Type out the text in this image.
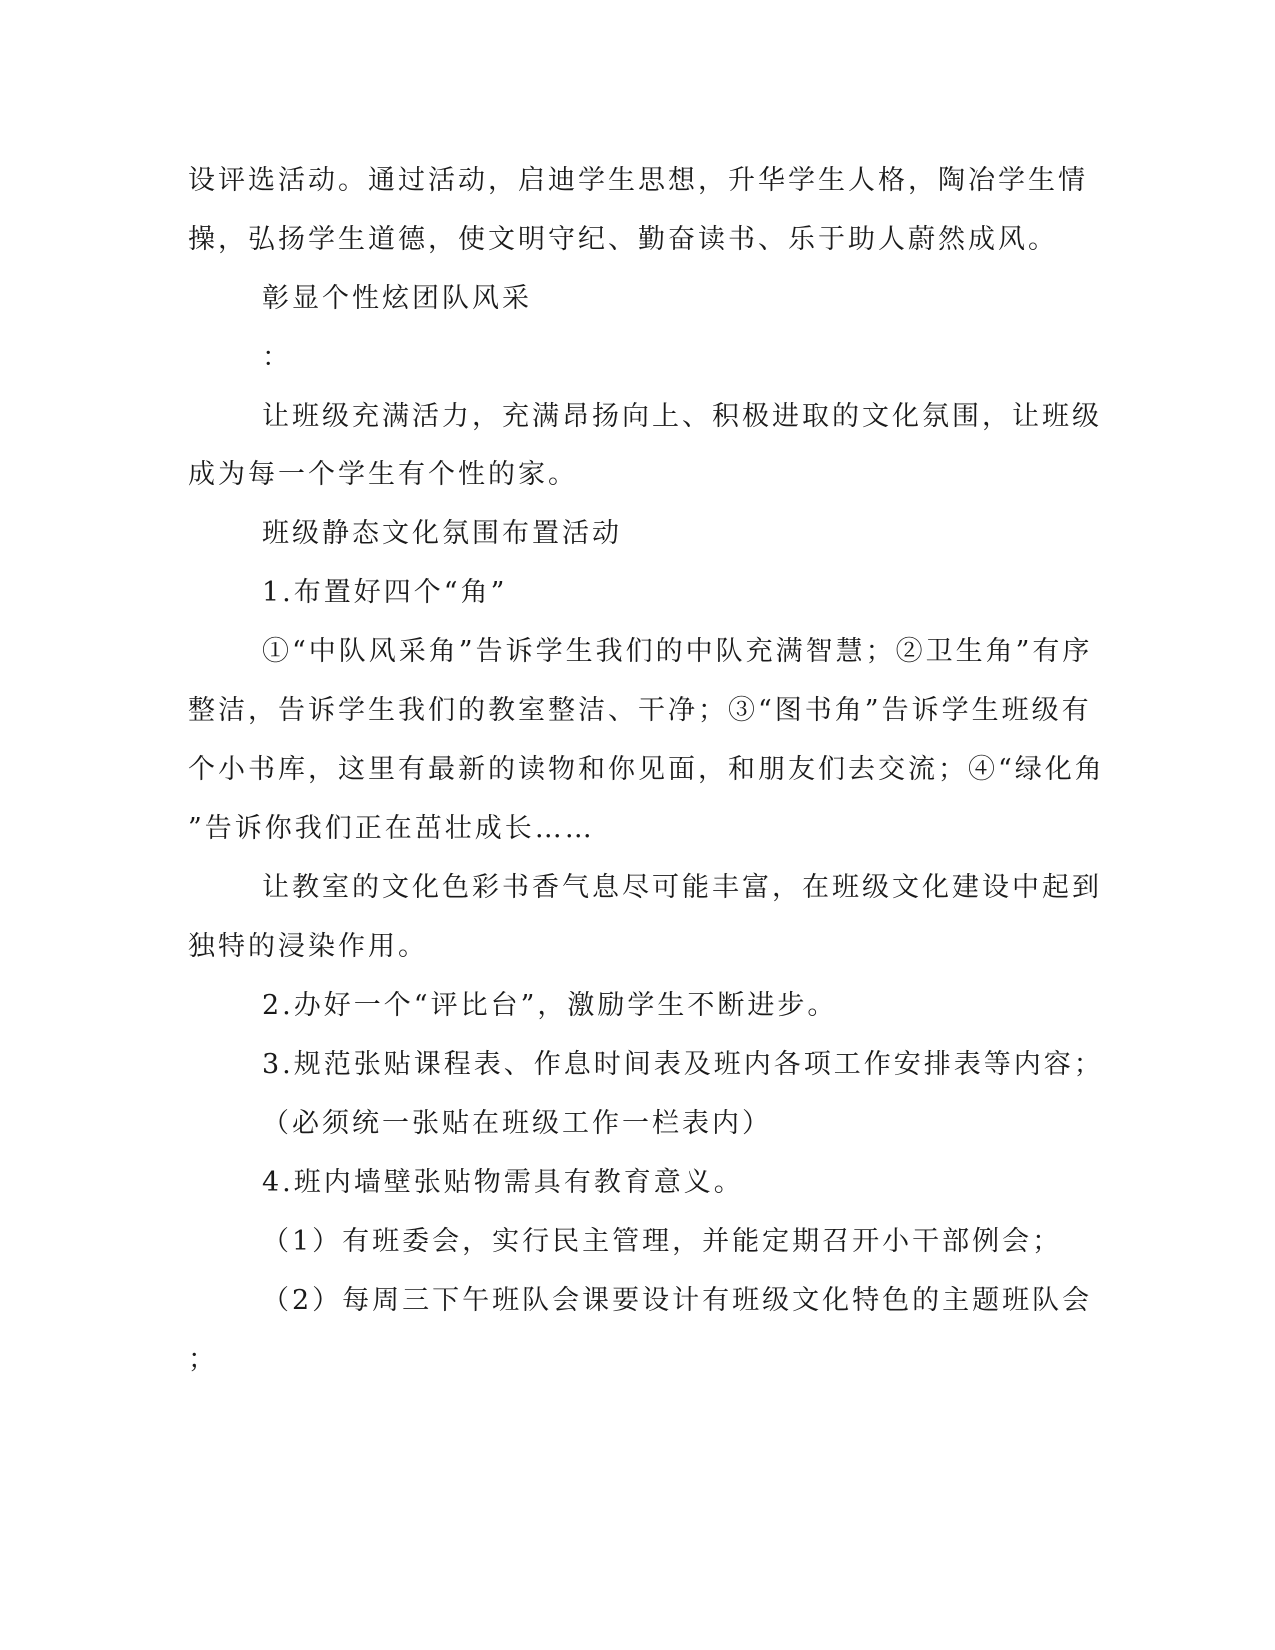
设评选活动。通过活动，启迪学生思想，升华学生人格，陶冶学生情
操，弘扬学生道德，使文明守纪、勤奋读书、乐于助人蔚然成风。
彰显个性炫团队风采
：
让班级充满活力，充满昂扬向上、积极进取的文化氛围，让班级
成为每一个学生有个性的家。
班级静态文化氛围布置活动
1.布置好四个“角”
①“中队风采角”告诉学生我们的中队充满智慧；②卫生角”有序
整洁，告诉学生我们的教室整洁、干净；③“图书角”告诉学生班级有
个小书库，这里有最新的读物和你见面，和朋友们去交流；④“绿化角
”告诉你我们正在茁壮成长……
让教室的文化色彩书香气息尽可能丰富，在班级文化建设中起到
独特的浸染作用。
2.办好一个“评比台”，激励学生不断进步。
3.规范张贴课程表、作息时间表及班内各项工作安排表等内容；
（必须统一张贴在班级工作一栏表内）
4.班内墙壁张贴物需具有教育意义。
（1）有班委会，实行民主管理，并能定期召开小干部例会；
（2）每周三下午班队会课要设计有班级文化特色的主题班队会
；
